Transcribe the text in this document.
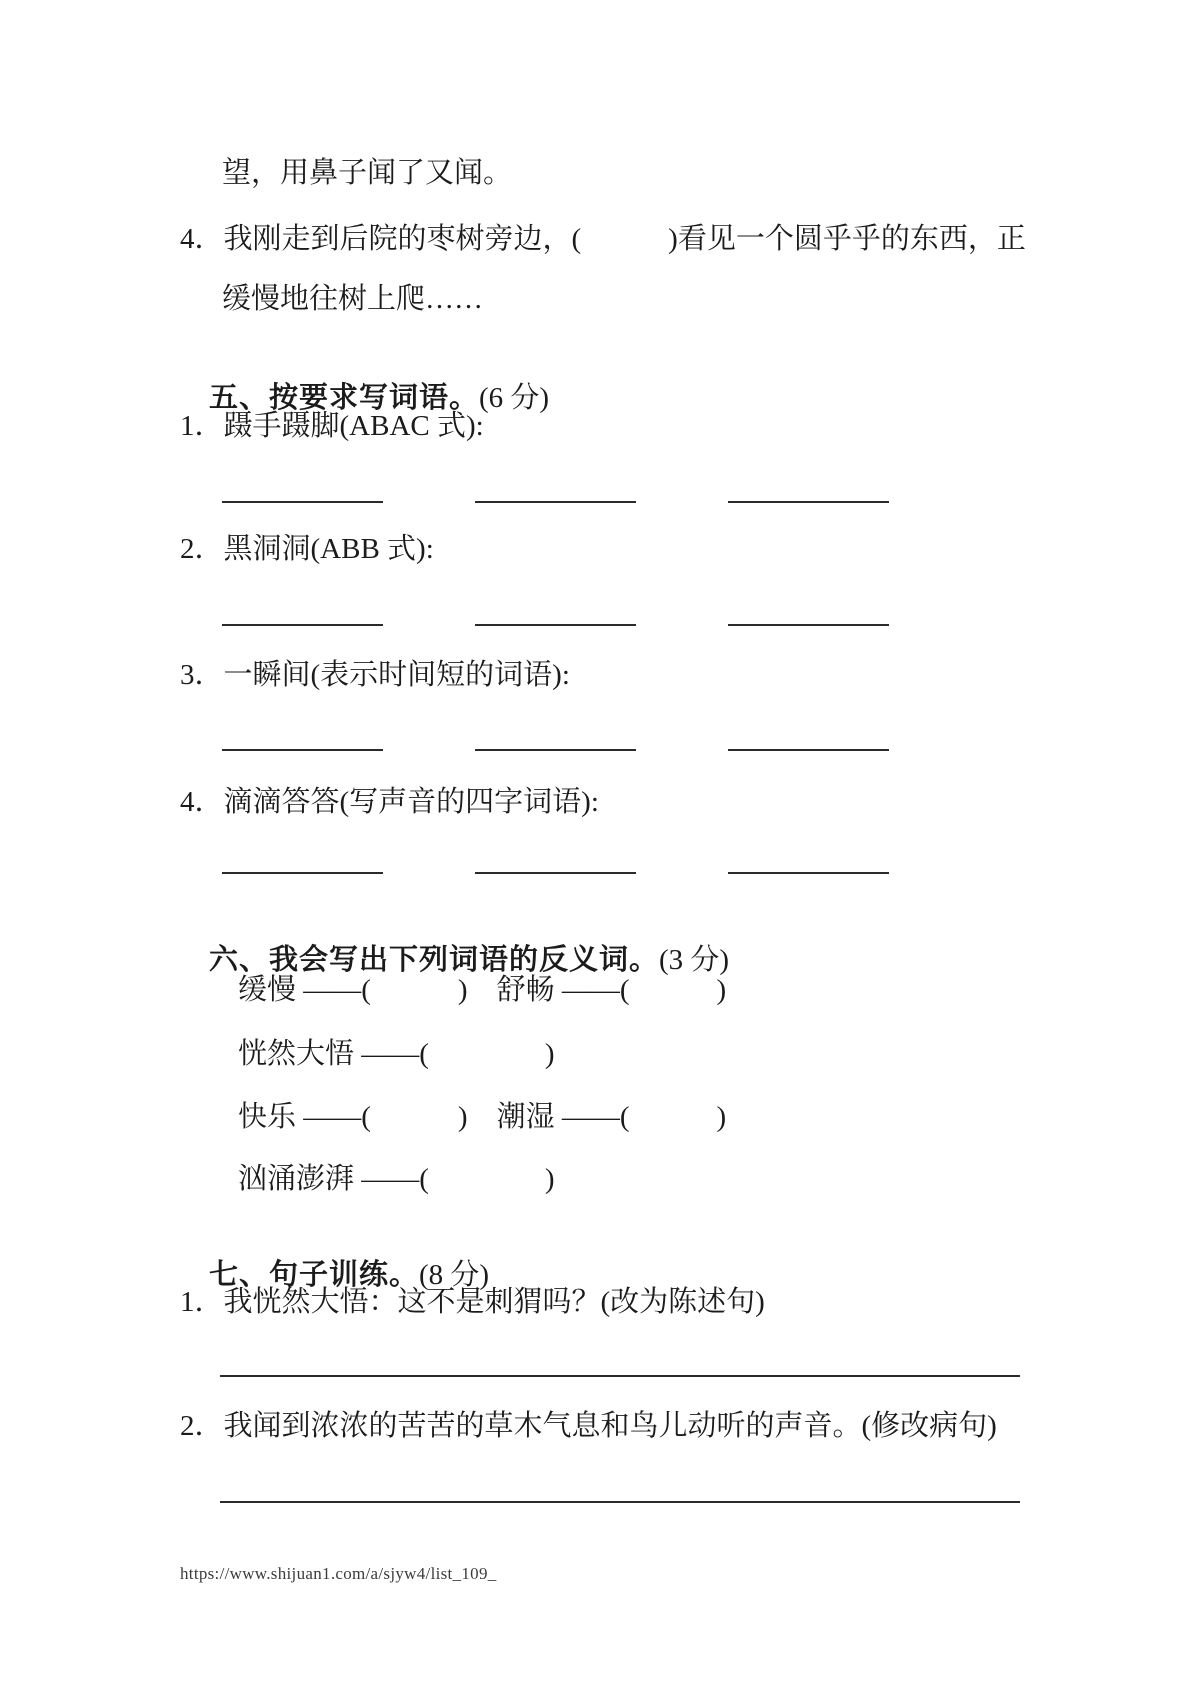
望，用鼻子闻了又闻。
4．我刚走到后院的枣树旁边，(　　　)看见一个圆乎乎的东西，正
缓慢地往树上爬……

五、按要求写词语。(6 分)

1．蹑手蹑脚(ABAC 式):
2．黑洞洞(ABB 式):
3．一瞬间(表示时间短的词语):
4．滴滴答答(写声音的四字词语):

六、我会写出下列词语的反义词。(3 分)

缓慢 ——(　　　)　舒畅 ——(　　　)
恍然大悟 ——(　　　　)
快乐 ——(　　　)　潮湿 ——(　　　)
汹涌澎湃 ——(　　　　)

七、句子训练。(8 分)

1．我恍然大悟：这不是刺猬吗？(改为陈述句)
2．我闻到浓浓的苦苦的草木气息和鸟儿动听的声音。(修改病句)
https://www.shijuan1.com/a/sjyw4/list_109_
